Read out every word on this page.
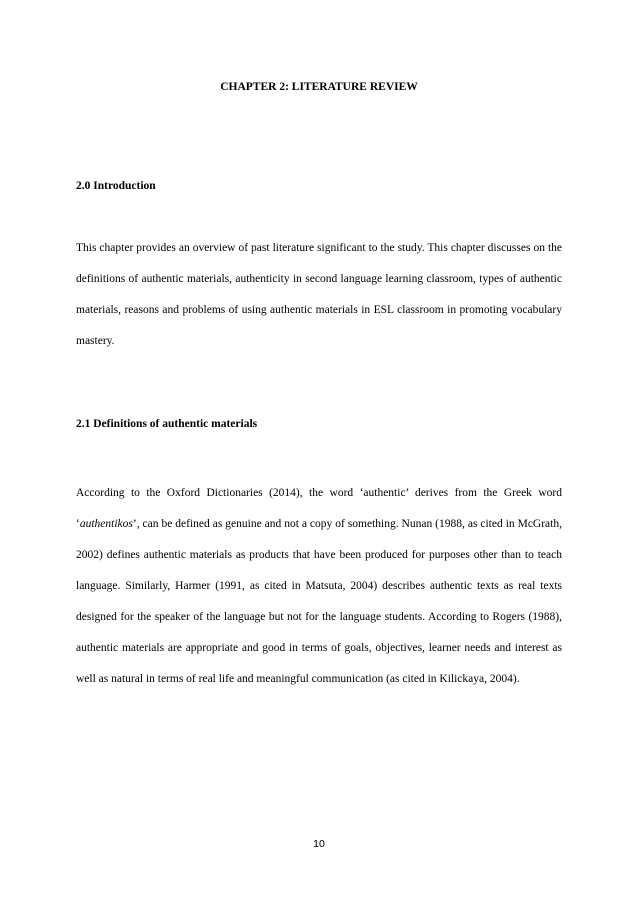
CHAPTER 2: LITERATURE REVIEW
2.0 Introduction
This chapter provides an overview of past literature significant to the study. This chapter discusses on the definitions of authentic materials, authenticity in second language learning classroom, types of authentic materials, reasons and problems of using authentic materials in ESL classroom in promoting vocabulary mastery.
2.1 Definitions of authentic materials
According to the Oxford Dictionaries (2014), the word ‘authentic’ derives from the Greek word ‘authentikos’, can be defined as genuine and not a copy of something. Nunan (1988, as cited in McGrath, 2002) defines authentic materials as products that have been produced for purposes other than to teach language. Similarly, Harmer (1991, as cited in Matsuta, 2004) describes authentic texts as real texts designed for the speaker of the language but not for the language students. According to Rogers (1988), authentic materials are appropriate and good in terms of goals, objectives, learner needs and interest as well as natural in terms of real life and meaningful communication (as cited in Kilickaya, 2004).
10
